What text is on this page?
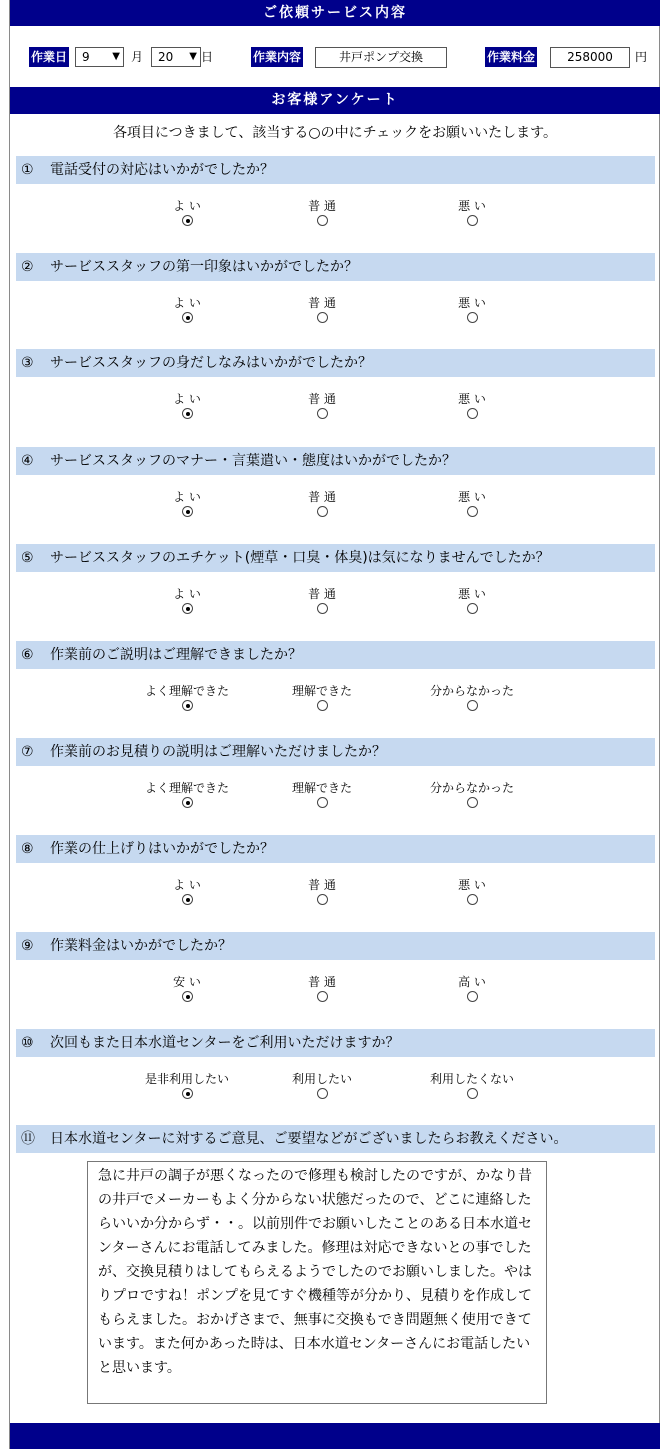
ご依頼サービス内容
作業日	9 ▼ 月	20 ▼ 日	作業内容	井戸ポンプ交換	作業料金	258000	円
お客様アンケート
各項目につきまして、該当する○の中にチェックをお願いいたします。
① 電話受付の対応はいかがでしたか？
よ い	普 通	悪 い
② サービススタッフの第一印象はいかがでしたか？
よ い	普 通	悪 い
③ サービススタッフの身だしなみはいかがでしたか？
よ い	普 通	悪 い
④ サービススタッフのマナー・言葉遣い・態度はいかがでしたか？
よ い	普 通	悪 い
⑤ サービススタッフのエチケット(煙草・口臭・体臭)は気になりませんでしたか？
よ い	普 通	悪 い
⑥ 作業前のご説明はご理解できましたか？
よく理解できた	理解できた	分からなかった
⑦ 作業前のお見積りの説明はご理解いただけましたか？
よく理解できた	理解できた	分からなかった
⑧ 作業の仕上げりはいかがでしたか？
よ い	普 通	悪 い
⑨ 作業料金はいかがでしたか？
安 い	普 通	高 い
⑩ 次回もまた日本水道センターをご利用いただけますか？
是非利用したい	利用したい	利用したくない
⑪ 日本水道センターに対するご意見、ご要望などがございましたらお教えください。
急に井戸の調子が悪くなったので修理も検討したのですが、かなり昔の井戸でメーカーもよく分からない状態だったので、どこに連絡したらいいか分からず・・。以前別件でお願いしたことのある日本水道センターさんにお電話してみました。修理は対応できないとの事でしたが、交換見積りはしてもらえるようでしたのでお願いしました。やはりプロですね！ポンプを見てすぐ機種等が分かり、見積りを作成してもらえました。おかげさまで、無事に交換もでき問題無く使用できています。また何かあった時は、日本水道センターさんにお電話したいと思います。
